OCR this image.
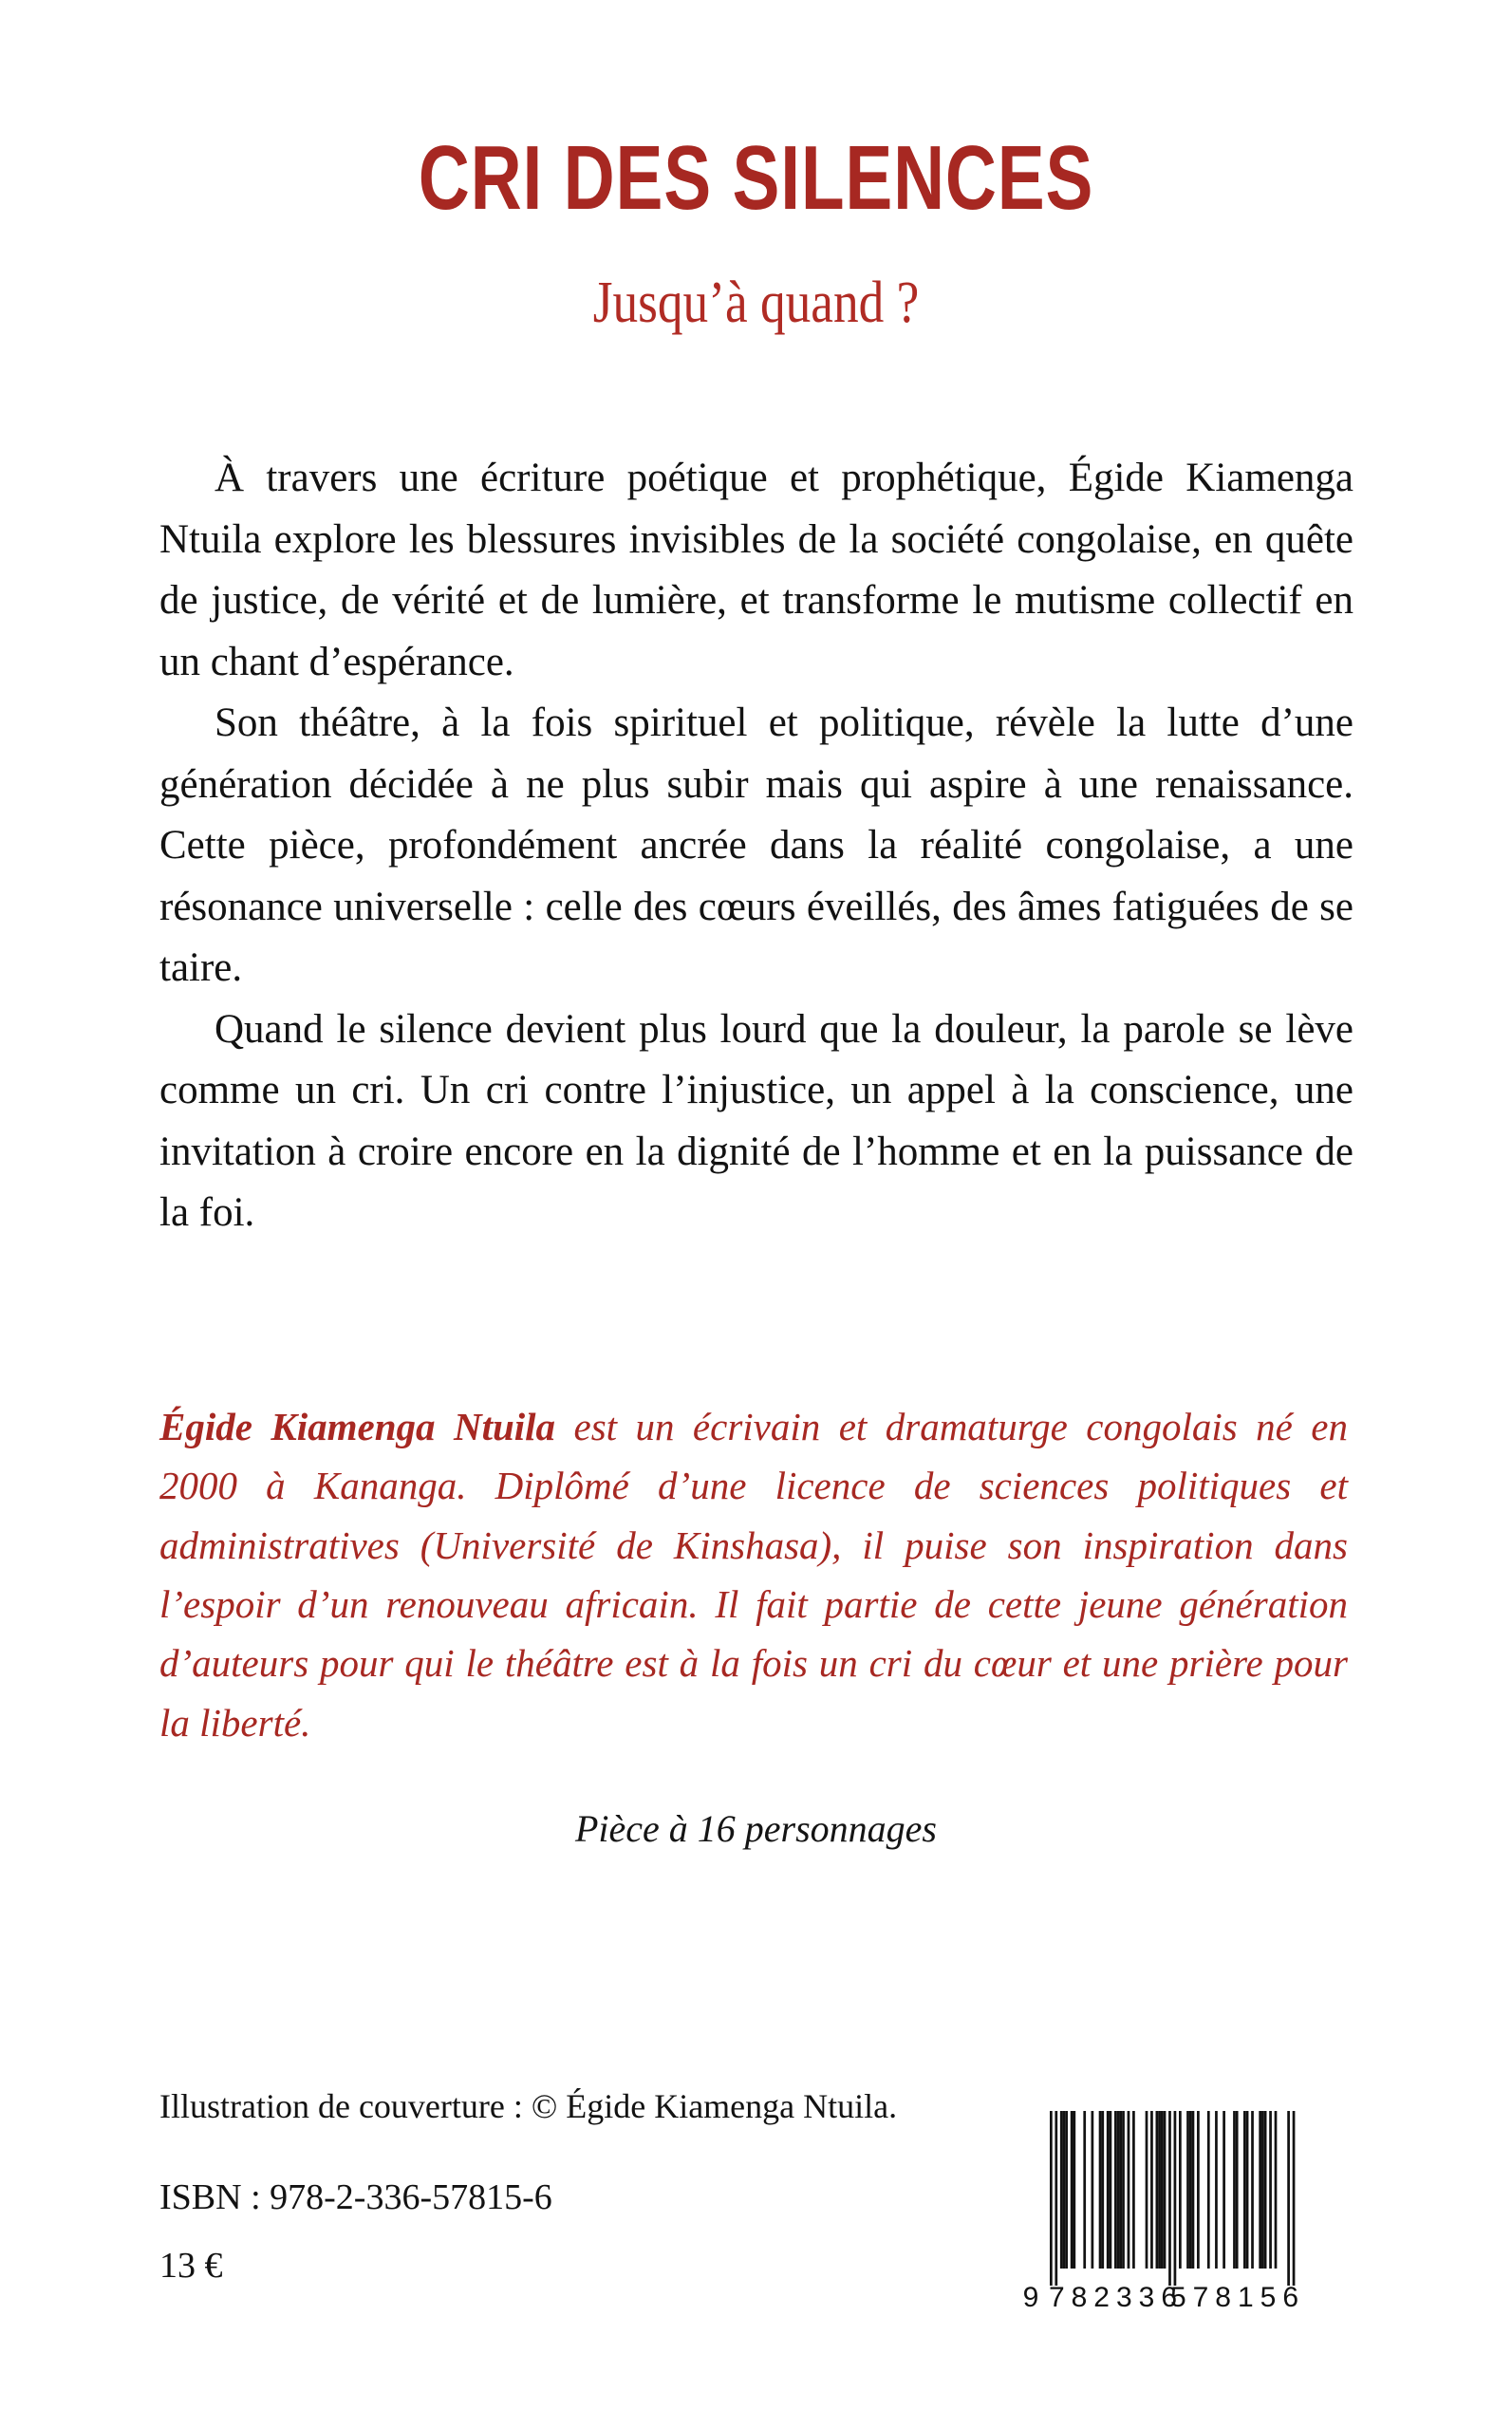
CRI DES SILENCES
Jusqu’à quand ?

À travers une écriture poétique et prophétique, Égide Kiamenga Ntuila explore les blessures invisibles de la société congolaise, en quête de justice, de vérité et de lumière, et transforme le mutisme collectif en un chant d’espérance.

Son théâtre, à la fois spirituel et politique, révèle la lutte d’une génération décidée à ne plus subir mais qui aspire à une renaissance. Cette pièce, profondément ancrée dans la réalité congolaise, a une résonance universelle : celle des cœurs éveillés, des âmes fatiguées de se taire.

Quand le silence devient plus lourd que la douleur, la parole se lève comme un cri. Un cri contre l’injustice, un appel à la conscience, une invitation à croire encore en la dignité de l’homme et en la puissance de la foi.

Égide Kiamenga Ntuila est un écrivain et dramaturge congolais né en 2000 à Kananga. Diplômé d’une licence de sciences politiques et administratives (Université de Kinshasa), il puise son inspiration dans l’espoir d’un renouveau africain. Il fait partie de cette jeune génération d’auteurs pour qui le théâtre est à la fois un cri du cœur et une prière pour la liberté.

Pièce à 16 personnages

Illustration de couverture : © Égide Kiamenga Ntuila.

ISBN : 978-2-336-57815-6

13 €

9 782336
578156
